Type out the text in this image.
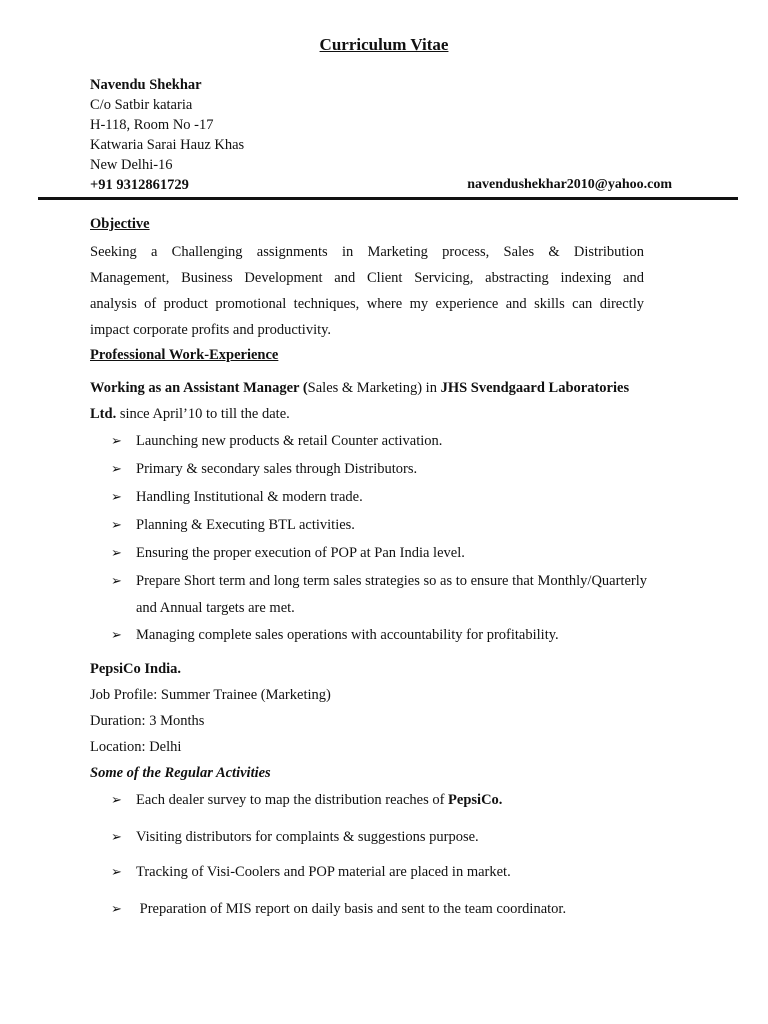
Curriculum Vitae
Navendu Shekhar
C/o Satbir kataria
H-118, Room No -17
Katwaria Sarai Hauz Khas
New Delhi-16
+91 9312861729	navendushekhar2010@yahoo.com
Objective
Seeking a Challenging assignments in Marketing process, Sales & Distribution
Management, Business Development and Client Servicing, abstracting indexing and
analysis of product promotional techniques, where my experience and skills can directly
impact corporate profits and productivity.
Professional Work-Experience
Working as an Assistant Manager (Sales & Marketing) in JHS Svendgaard Laboratories
Ltd. since April’10 to till the date.
➢ Launching new products & retail Counter activation.
➢ Primary & secondary sales through Distributors.
➢ Handling Institutional & modern trade.
➢ Planning & Executing BTL activities.
➢ Ensuring the proper execution of POP at Pan India level.
➢ Prepare Short term and long term sales strategies so as to ensure that Monthly/Quarterly
and Annual targets are met.
➢ Managing complete sales operations with accountability for profitability.
PepsiCo India.
Job Profile: Summer Trainee (Marketing)
Duration: 3 Months
Location: Delhi
Some of the Regular Activities
➢ Each dealer survey to map the distribution reaches of PepsiCo.
➢ Visiting distributors for complaints & suggestions purpose.
➢ Tracking of Visi-Coolers and POP material are placed in market.
➢ Preparation of MIS report on daily basis and sent to the team coordinator.
